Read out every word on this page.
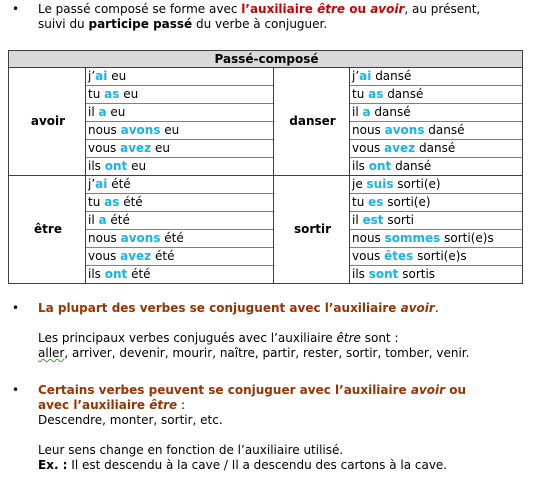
• Le passé composé se forme avec l’auxiliaire être ou avoir, au présent,
suivi du participe passé du verbe à conjuguer.
Passé-composé			
avoir	j’ai eu	danser	j’ai dansé
	tu as eu		tu as dansé
	il a eu		il a dansé
	nous avons eu		nous avons dansé
	vous avez eu		vous avez dansé
	ils ont eu		ils ont dansé
être	j’ai été	sortir	je suis sorti(e)
	tu as été		tu es sorti(e)
	il a été		il est sorti
	nous avons été		nous sommes sorti(e)s
	vous avez été		vous êtes sorti(e)s
	ils ont été		ils sont sortis
• La plupart des verbes se conjuguent avec l’auxiliaire avoir.
Les principaux verbes conjugués avec l’auxiliaire être sont :
aller, arriver, devenir, mourir, naître, partir, rester, sortir, tomber, venir.
• Certains verbes peuvent se conjuguer avec l’auxiliaire avoir ou
avec l’auxiliaire être :
Descendre, monter, sortir, etc.
Leur sens change en fonction de l’auxiliaire utilisé.
Ex. : Il est descendu à la cave / Il a descendu des cartons à la cave.
